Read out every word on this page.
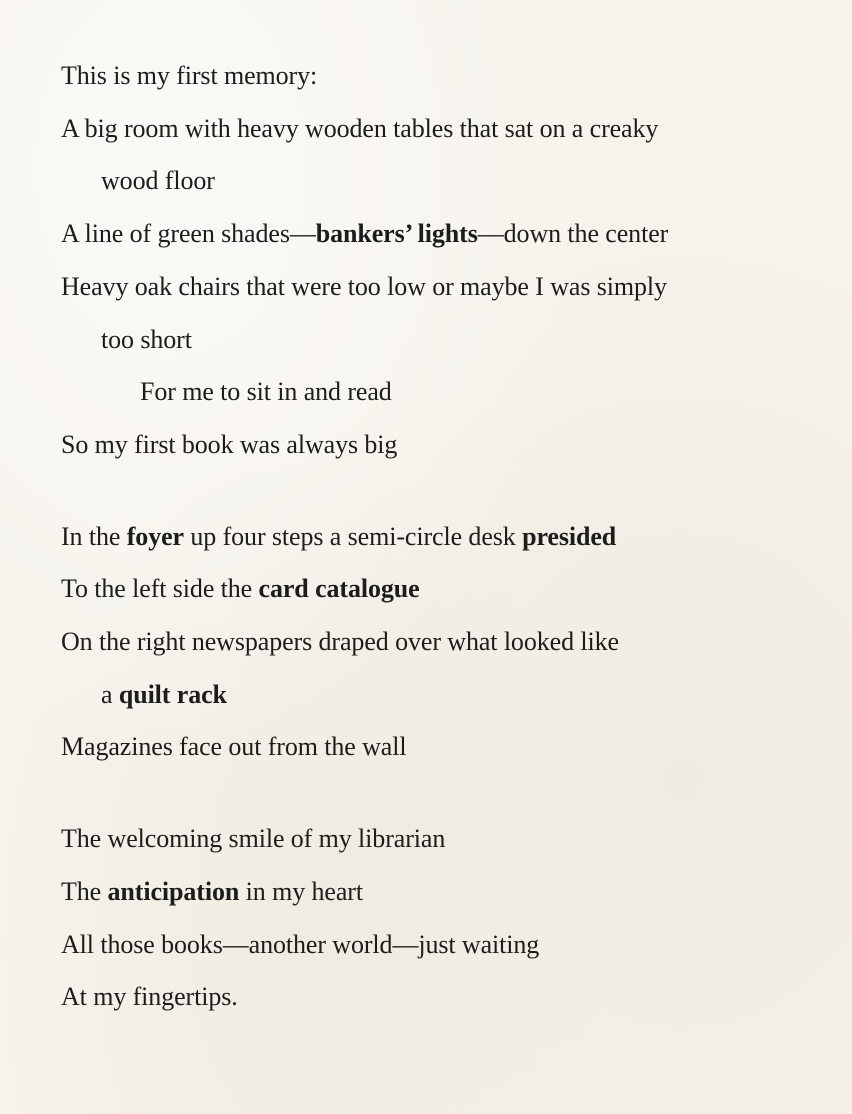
This is my first memory:
A big room with heavy wooden tables that sat on a creaky
wood floor
A line of green shades—bankers’ lights—down the center
Heavy oak chairs that were too low or maybe I was simply
too short
For me to sit in and read
So my first book was always big
In the foyer up four steps a semi-circle desk presided
To the left side the card catalogue
On the right newspapers draped over what looked like
a quilt rack
Magazines face out from the wall
The welcoming smile of my librarian
The anticipation in my heart
All those books—another world—just waiting
At my fingertips.
